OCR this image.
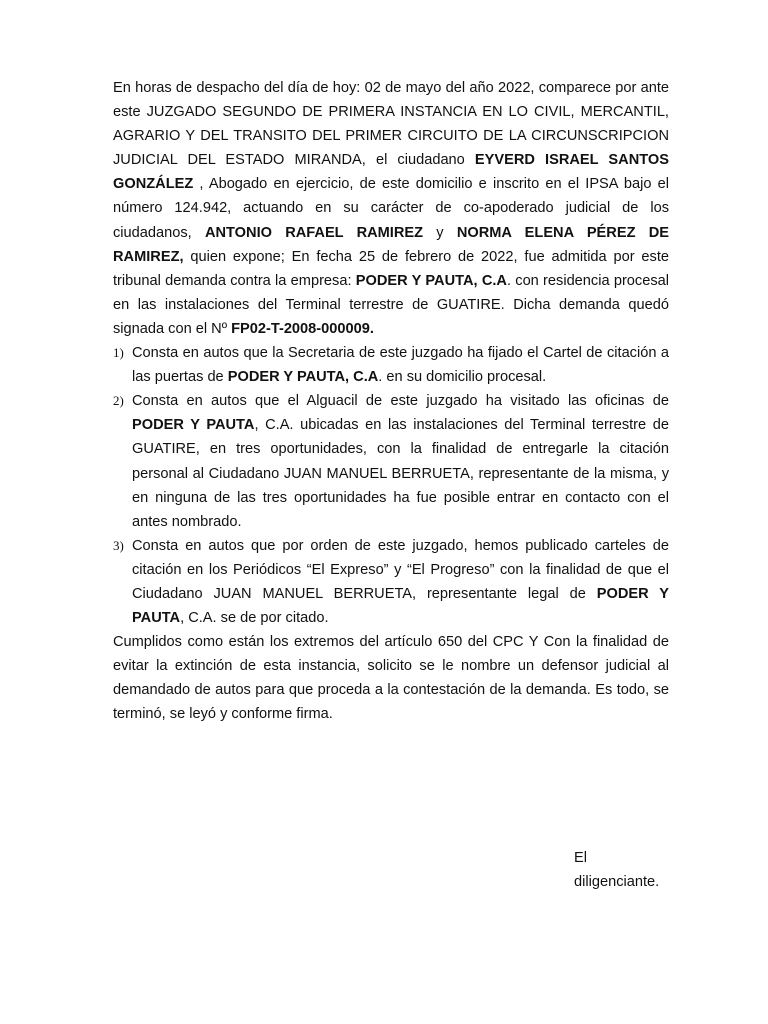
En horas de despacho del día de hoy: 02 de mayo del año 2022, comparece por ante este JUZGADO SEGUNDO DE PRIMERA INSTANCIA EN LO CIVIL, MERCANTIL, AGRARIO Y DEL TRANSITO DEL PRIMER CIRCUITO DE LA CIRCUNSCRIPCION JUDICIAL DEL ESTADO MIRANDA, el ciudadano EYVERD ISRAEL SANTOS GONZÁLEZ , Abogado en ejercicio, de este domicilio e inscrito en el IPSA bajo el número 124.942, actuando en su carácter de co-apoderado judicial de los ciudadanos, ANTONIO RAFAEL RAMIREZ y NORMA ELENA PÉREZ DE RAMIREZ, quien expone; En fecha 25 de febrero de 2022, fue admitida por este tribunal demanda contra la empresa: PODER Y PAUTA, C.A. con residencia procesal en las instalaciones del Terminal terrestre de GUATIRE. Dicha demanda quedó signada con el Nº FP02-T-2008-000009.

1) Consta en autos que la Secretaria de este juzgado ha fijado el Cartel de citación a las puertas de PODER Y PAUTA, C.A. en su domicilio procesal.
2) Consta en autos que el Alguacil de este juzgado ha visitado las oficinas de PODER Y PAUTA, C.A. ubicadas en las instalaciones del Terminal terrestre de GUATIRE, en tres oportunidades, con la finalidad de entregarle la citación personal al Ciudadano JUAN MANUEL BERRUETA, representante de la misma, y en ninguna de las tres oportunidades ha fue posible entrar en contacto con el antes nombrado.
3) Consta en autos que por orden de este juzgado, hemos publicado carteles de citación en los Periódicos “El Expreso” y “El Progreso” con la finalidad de que el Ciudadano JUAN MANUEL BERRUETA, representante legal de PODER Y PAUTA, C.A. se de por citado.

Cumplidos como están los extremos del artículo 650 del CPC Y Con la finalidad de evitar la extinción de esta instancia, solicito se le nombre un defensor judicial al demandado de autos para que proceda a la contestación de la demanda. Es todo, se terminó, se leyó y conforme firma.

El
diligenciante.
